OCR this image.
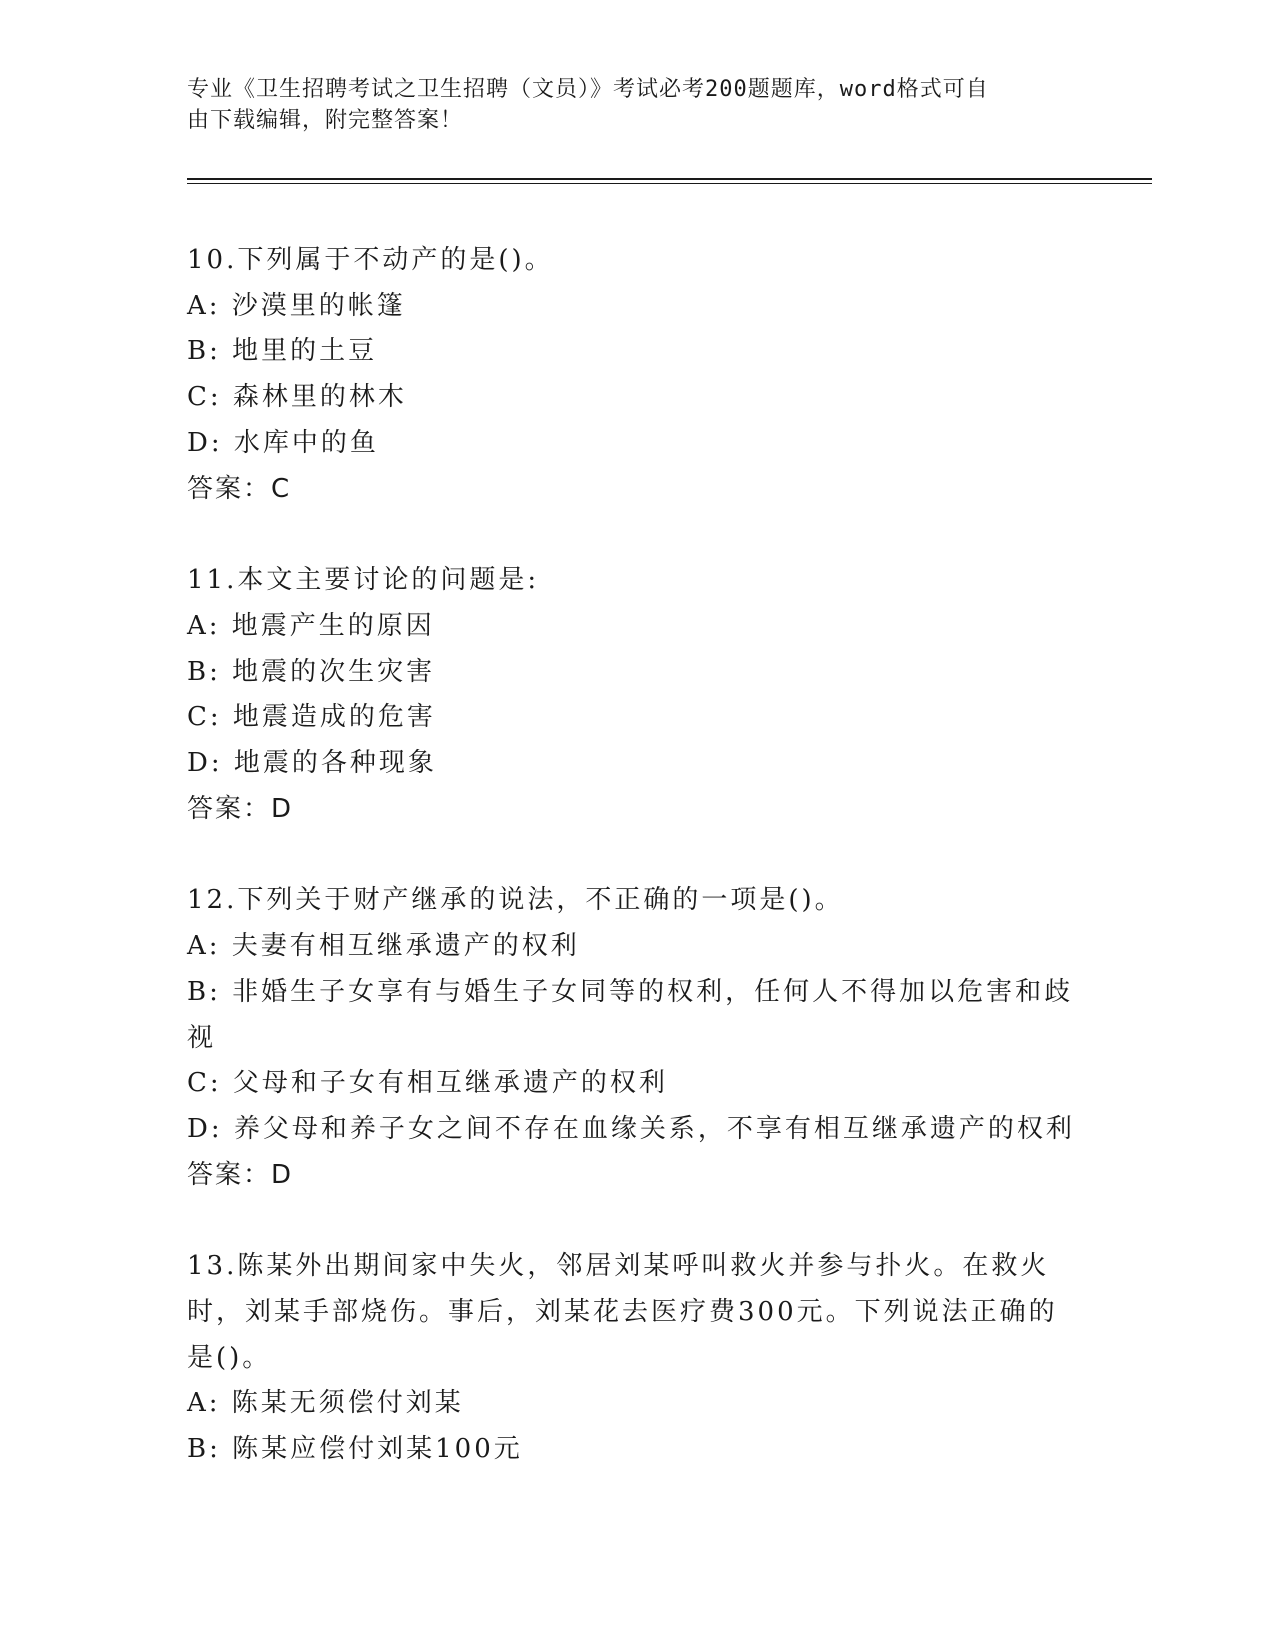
专业《卫生招聘考试之卫生招聘（文员）》考试必考200题题库，word格式可自
由下载编辑，附完整答案！
10.下列属于不动产的是()。
A: 沙漠里的帐篷
B: 地里的土豆
C: 森林里的林木
D: 水库中的鱼
答案：C
11.本文主要讨论的问题是:
A: 地震产生的原因
B: 地震的次生灾害
C: 地震造成的危害
D: 地震的各种现象
答案：D
12.下列关于财产继承的说法，不正确的一项是()。
A: 夫妻有相互继承遗产的权利
B: 非婚生子女享有与婚生子女同等的权利，任何人不得加以危害和歧视
C: 父母和子女有相互继承遗产的权利
D: 养父母和养子女之间不存在血缘关系，不享有相互继承遗产的权利
答案：D
13.陈某外出期间家中失火，邻居刘某呼叫救火并参与扑火。在救火时，刘某手部烧伤。事后，刘某花去医疗费300元。下列说法正确的是()。
A: 陈某无须偿付刘某
B: 陈某应偿付刘某100元
